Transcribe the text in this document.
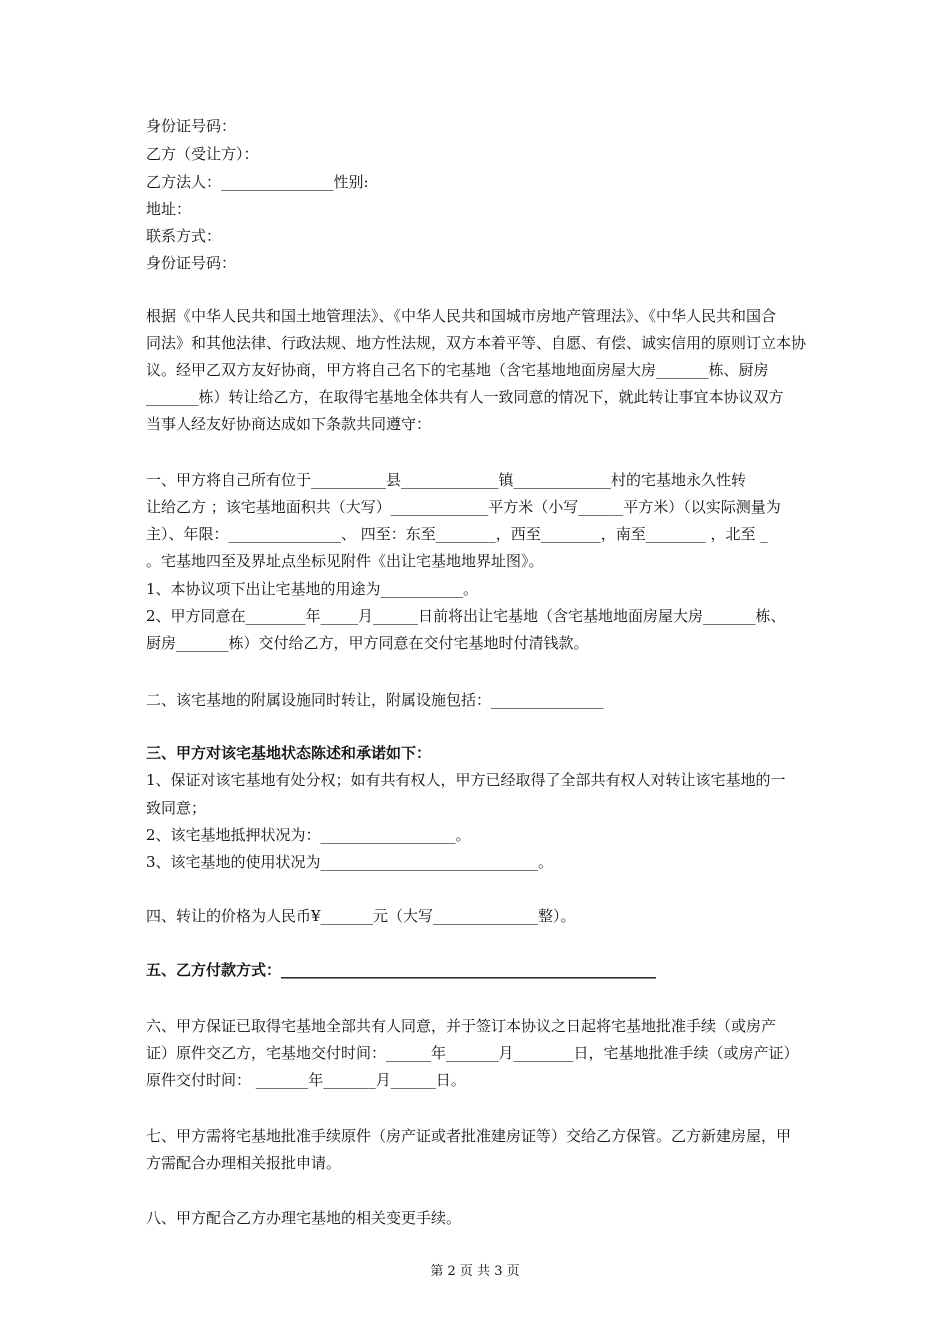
身份证号码：
乙方（受让方）：
乙方法人：_______________性别:
地址：
联系方式：
身份证号码：
根据《中华人民共和国土地管理法》、《中华人民共和国城市房地产管理法》、《中华人民共和国合
同法》和其他法律、行政法规、地方性法规，双方本着平等、自愿、有偿、诚实信用的原则订立本协
议。经甲乙双方友好协商，甲方将自己名下的宅基地（含宅基地地面房屋大房_______栋、厨房
_______栋）转让给乙方，在取得宅基地全体共有人一致同意的情况下，就此转让事宜本协议双方
当事人经友好协商达成如下条款共同遵守：
一、甲方将自己所有位于__________县_____________镇_____________村的宅基地永久性转
让给乙方 ；该宅基地面积共（大写）_____________平方米（小写______平方米）（以实际测量为
主）、年限：_______________、 四至：东至________，西至________，南至________ ，北至 _
。宅基地四至及界址点坐标见附件《出让宅基地地界址图》。
1、本协议项下出让宅基地的用途为___________。
2、甲方同意在________年_____月______日前将出让宅基地（含宅基地地面房屋大房_______栋、
厨房_______栋）交付给乙方，甲方同意在交付宅基地时付清钱款。
二、该宅基地的附属设施同时转让，附属设施包括：_______________
三、甲方对该宅基地状态陈述和承诺如下：
1、保证对该宅基地有处分权；如有共有权人，甲方已经取得了全部共有权人对转让该宅基地的一
致同意；
2、该宅基地抵押状况为：__________________。
3、该宅基地的使用状况为_____________________________。
四、转让的价格为人民币¥_______元（大写______________整）。
五、乙方付款方式：__________________________________________________
六、甲方保证已取得宅基地全部共有人同意，并于签订本协议之日起将宅基地批准手续（或房产
证）原件交乙方，宅基地交付时间：______年_______月________日，宅基地批准手续（或房产证）
原件交付时间： _______年_______月______日。
七、甲方需将宅基地批准手续原件（房产证或者批准建房证等）交给乙方保管。乙方新建房屋，甲
方需配合办理相关报批申请。
八、甲方配合乙方办理宅基地的相关变更手续。
第 2 页 共 3 页
